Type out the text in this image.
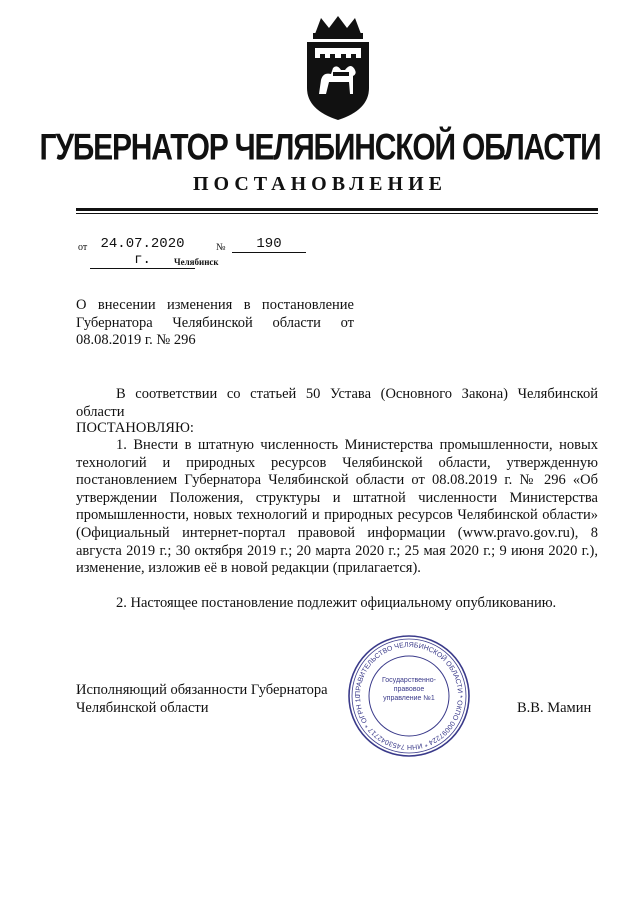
ГУБЕРНАТОР ЧЕЛЯБИНСКОЙ ОБЛАСТИ
ПОСТАНОВЛЕНИЕ
от 24.07.2020 г.
№	190
Челябинск
О внесении изменения в постановление Губернатора Челябинской области от 08.08.2019 г. № 296
В соответствии со статьей 50 Устава (Основного Закона) Челябинской области
ПОСТАНОВЛЯЮ:
1. Внести в штатную численность Министерства промышленности, новых технологий и природных ресурсов Челябинской области, утвержденную постановлением Губернатора Челябинской области от 08.08.2019 г. № 296 «Об утверждении Положения, структуры и штатной численности Министерства промышленности, новых технологий и природных ресурсов Челябинской области» (Официальный интернет-портал правовой информации (www.pravo.gov.ru), 8 августа 2019 г.; 30 октября 2019 г.; 20 марта 2020 г.; 25 мая 2020 г.; 9 июня 2020 г.), изменение, изложив её в новой редакции (прилагается).
2. Настоящее постановление подлежит официальному опубликованию.
Исполняющий обязанности Губернатора Челябинской области	В.В. Мамин
ПРАВИТЕЛЬСТВО ЧЕЛЯБИНСКОЙ ОБЛАСТИ * ОКПО 00097224 * ИНН 7453042717 * ОГРН 10
Государственно-правовое управление №1
